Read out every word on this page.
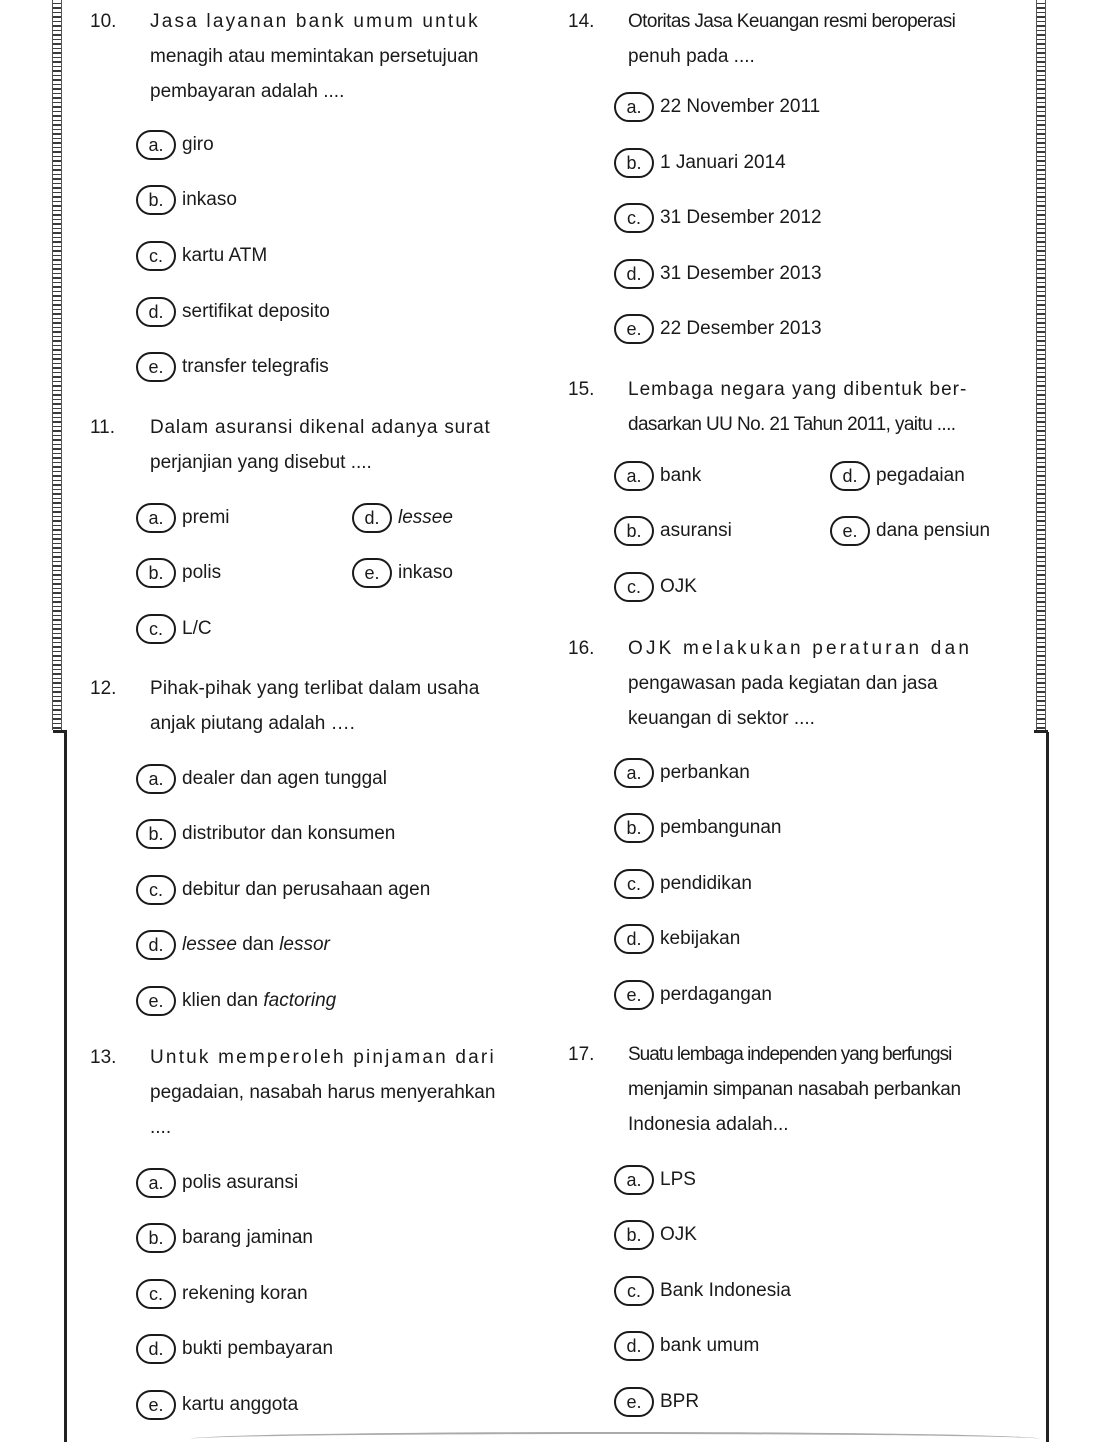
10. Jasa layanan bank umum untuk
menagih atau memintakan persetujuan
pembayaran adalah ....
a. giro
b. inkaso
c. kartu ATM
d. sertifikat deposito
e. transfer telegrafis
11. Dalam asuransi dikenal adanya surat
perjanjian yang disebut ....
a. premi
b. polis
c. L/C
d. lessee
e. inkaso
12. Pihak-pihak yang terlibat dalam usaha
anjak piutang adalah ….
a. dealer dan agen tunggal
b. distributor dan konsumen
c. debitur dan perusahaan agen
d. lessee dan lessor
e. klien dan factoring
13. Untuk memperoleh pinjaman dari
pegadaian, nasabah harus menyerahkan
....
a. polis asuransi
b. barang jaminan
c. rekening koran
d. bukti pembayaran
e. kartu anggota
14. Otoritas Jasa Keuangan resmi beroperasi
penuh pada ....
a. 22 November 2011
b. 1 Januari 2014
c. 31 Desember 2012
d. 31 Desember 2013
e. 22 Desember 2013
15. Lembaga negara yang dibentuk ber-
dasarkan UU No. 21 Tahun 2011, yaitu ....
a. bank
b. asuransi
c. OJK
d. pegadaian
e. dana pensiun
16. OJK melakukan peraturan dan
pengawasan pada kegiatan dan jasa
keuangan di sektor ....
a. perbankan
b. pembangunan
c. pendidikan
d. kebijakan
e. perdagangan
17. Suatu lembaga independen yang berfungsi
menjamin simpanan nasabah perbankan
Indonesia adalah...
a. LPS
b. OJK
c. Bank Indonesia
d. bank umum
e. BPR
